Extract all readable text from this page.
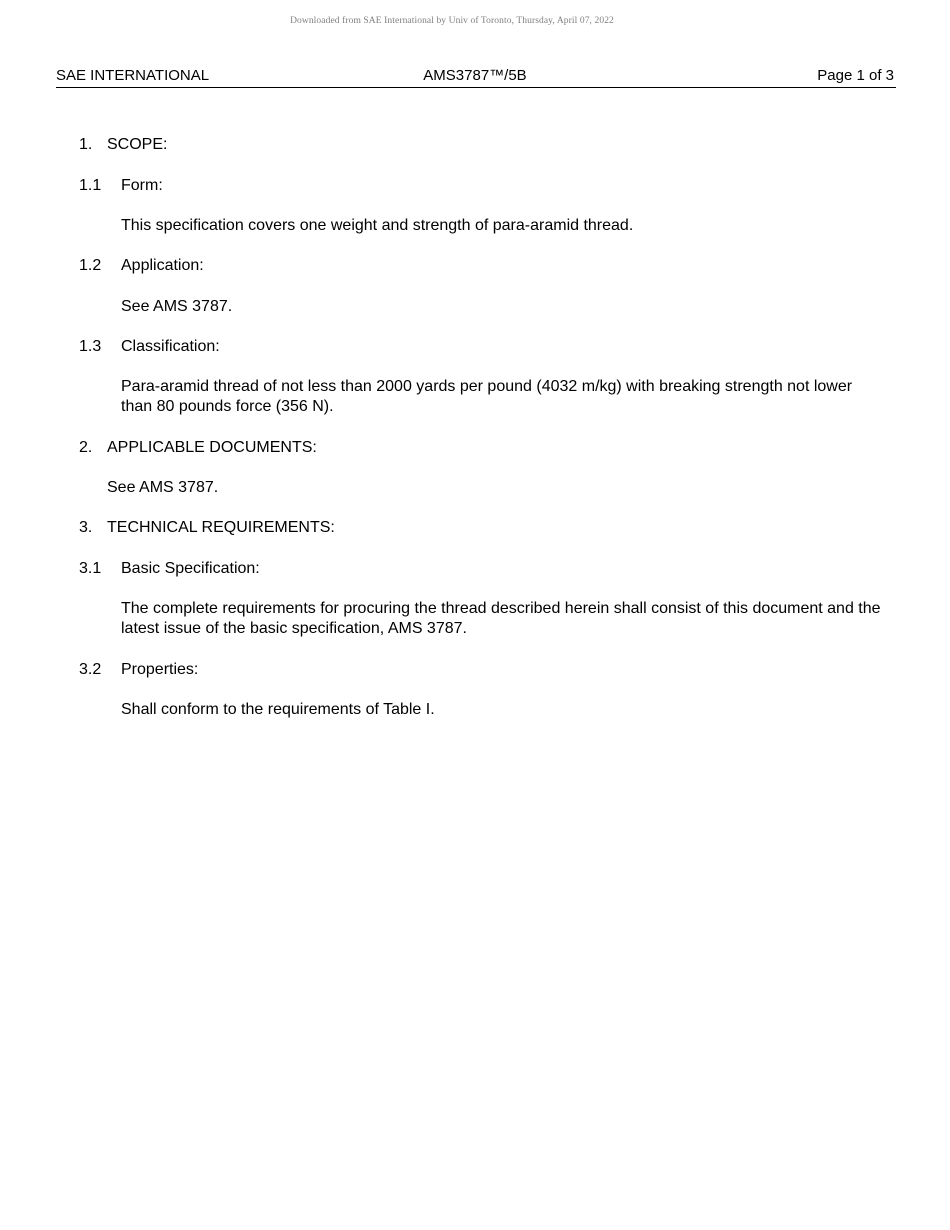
Downloaded from SAE International by Univ of Toronto, Thursday, April 07, 2022
SAE INTERNATIONAL	AMS3787™/5B	Page 1 of 3
1. SCOPE:
1.1 Form:
This specification covers one weight and strength of para-aramid thread.
1.2 Application:
See AMS 3787.
1.3 Classification:
Para-aramid thread of not less than 2000 yards per pound (4032 m/kg) with breaking strength not lower than 80 pounds force (356 N).
2. APPLICABLE DOCUMENTS:
See AMS 3787.
3. TECHNICAL REQUIREMENTS:
3.1 Basic Specification:
The complete requirements for procuring the thread described herein shall consist of this document and the latest issue of the basic specification, AMS 3787.
3.2 Properties:
Shall conform to the requirements of Table I.
